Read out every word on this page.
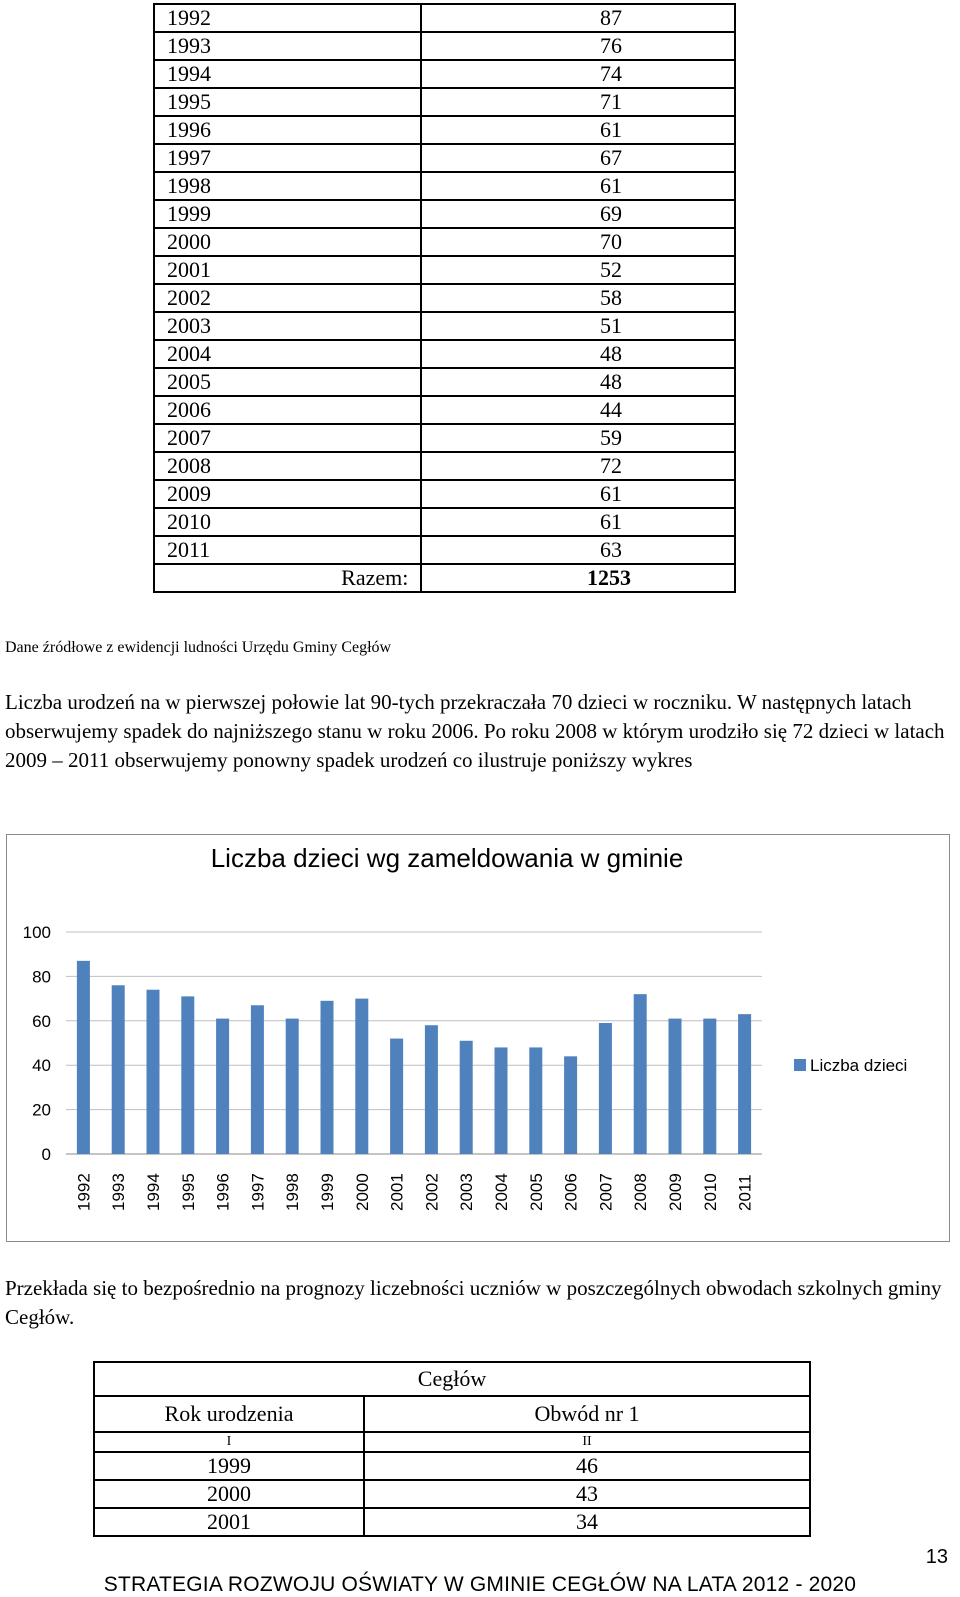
1992	87
1993	76
1994	74
1995	71
1996	61
1997	67
1998	61
1999	69
2000	70
2001	52
2002	58
2003	51
2004	48
2005	48
2006	44
2007	59
2008	72
2009	61
2010	61
2011	63
Razem:	1253
Dane źródłowe z ewidencji ludności Urzędu Gminy Cegłów

Liczba urodzeń na w pierwszej połowie lat 90-tych przekraczała 70 dzieci w roczniku. W następnych latach obserwujemy spadek do najniższego stanu w roku 2006. Po roku 2008 w którym urodziło się 72 dzieci w latach 2009 – 2011 obserwujemy ponowny spadek urodzeń co ilustruje poniższy wykres

Liczba dzieci wg zameldowania w gminie
0
20
40
60
80
100
1992 1993 1994 1995 1996 1997 1998 1999 2000 2001 2002 2003 2004 2005 2006 2007 2008 2009 2010 2011
Liczba dzieci

Przekłada się to bezpośrednio na prognozy liczebności uczniów w poszczególnych obwodach szkolnych gminy Cegłów.

Cegłów	
Rok urodzenia	Obwód nr 1
I	II
1999	46
2000	43
2001	34
13
STRATEGIA ROZWOJU OŚWIATY W GMINIE CEGŁÓW NA LATA 2012 - 2020
